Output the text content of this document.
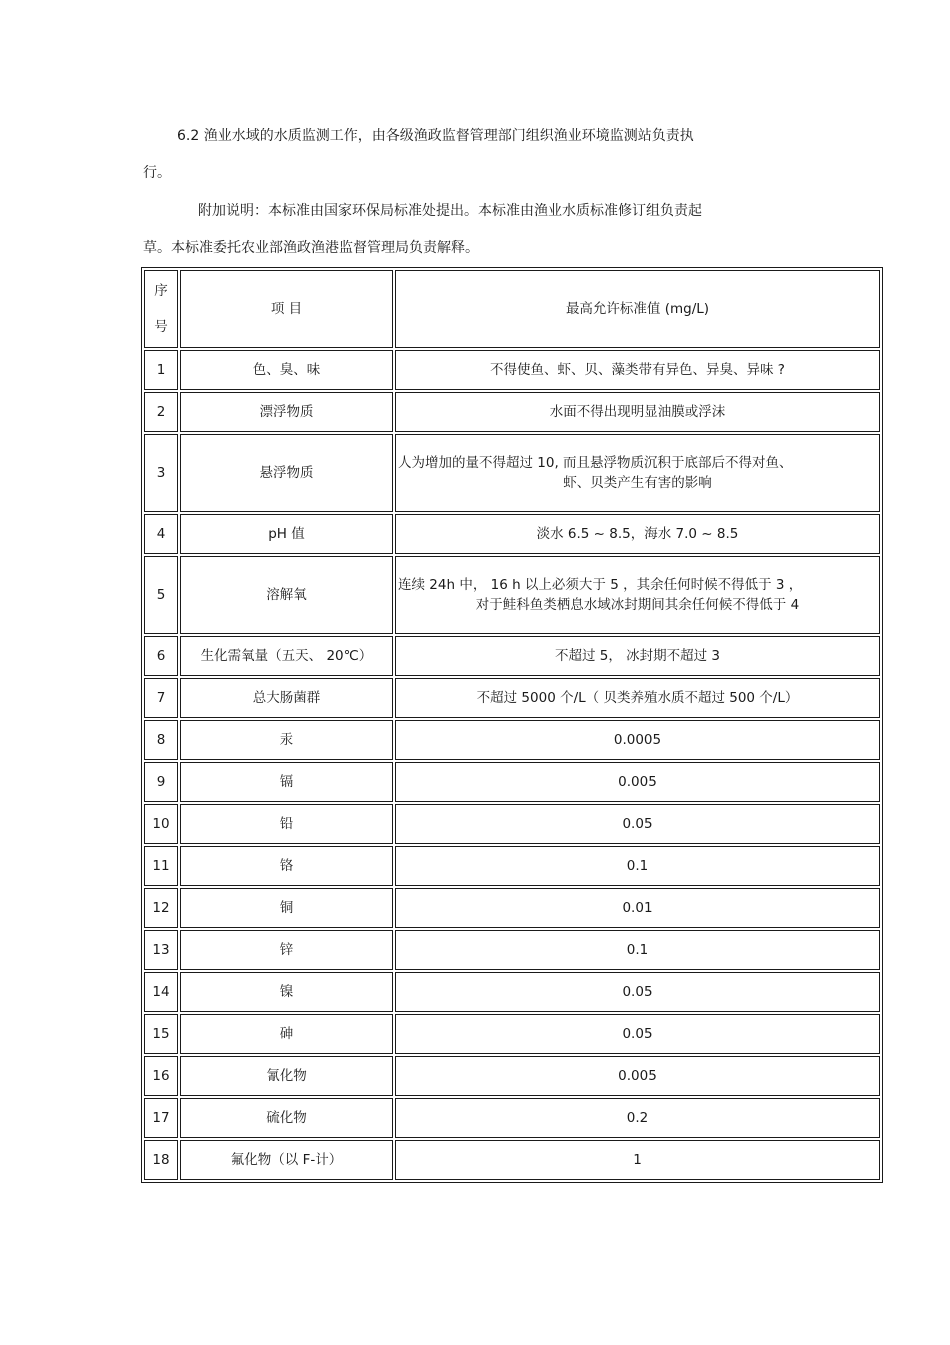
6.2 渔业水域的水质监测工作，由各级渔政监督管理部门组织渔业环境监测站负责执
行。

附加说明：本标准由国家环保局标准处提出。本标准由渔业水质标准修订组负责起
草。本标准委托农业部渔政渔港监督管理局负责解释。

序
号	项 目	最高允许标准值 (mg/L)
1	色、臭、味	不得使鱼、虾、贝、藻类带有异色、异臭、异味 ?
2	漂浮物质	水面不得出现明显油膜或浮沫
3	悬浮物质	人为增加的量不得超过 10, 而且悬浮物质沉积于底部后不得对鱼、
虾、贝类产生有害的影响

4	pH 值	淡水 6.5 ~ 8.5，海水 7.0 ~ 8.5
5	溶解氧	连续 24h 中， 16 h 以上必须大于 5 ，其余任何时候不得低于 3 ，
对于鲑科鱼类栖息水域冰封期间其余任何候不得低于 4

6	生化需氧量（五天、 20℃）	不超过 5， 冰封期不超过 3
7	总大肠菌群	不超过 5000 个/L（ 贝类养殖水质不超过 500 个/L）
8	汞	0.0005
9	镉	0.005
10	铅	0.05
11	铬	0.1
12	铜	0.01
13	锌	0.1
14	镍	0.05
15	砷	0.05
16	氰化物	0.005
17	硫化物	0.2
18	氟化物（以 F-计）	1
